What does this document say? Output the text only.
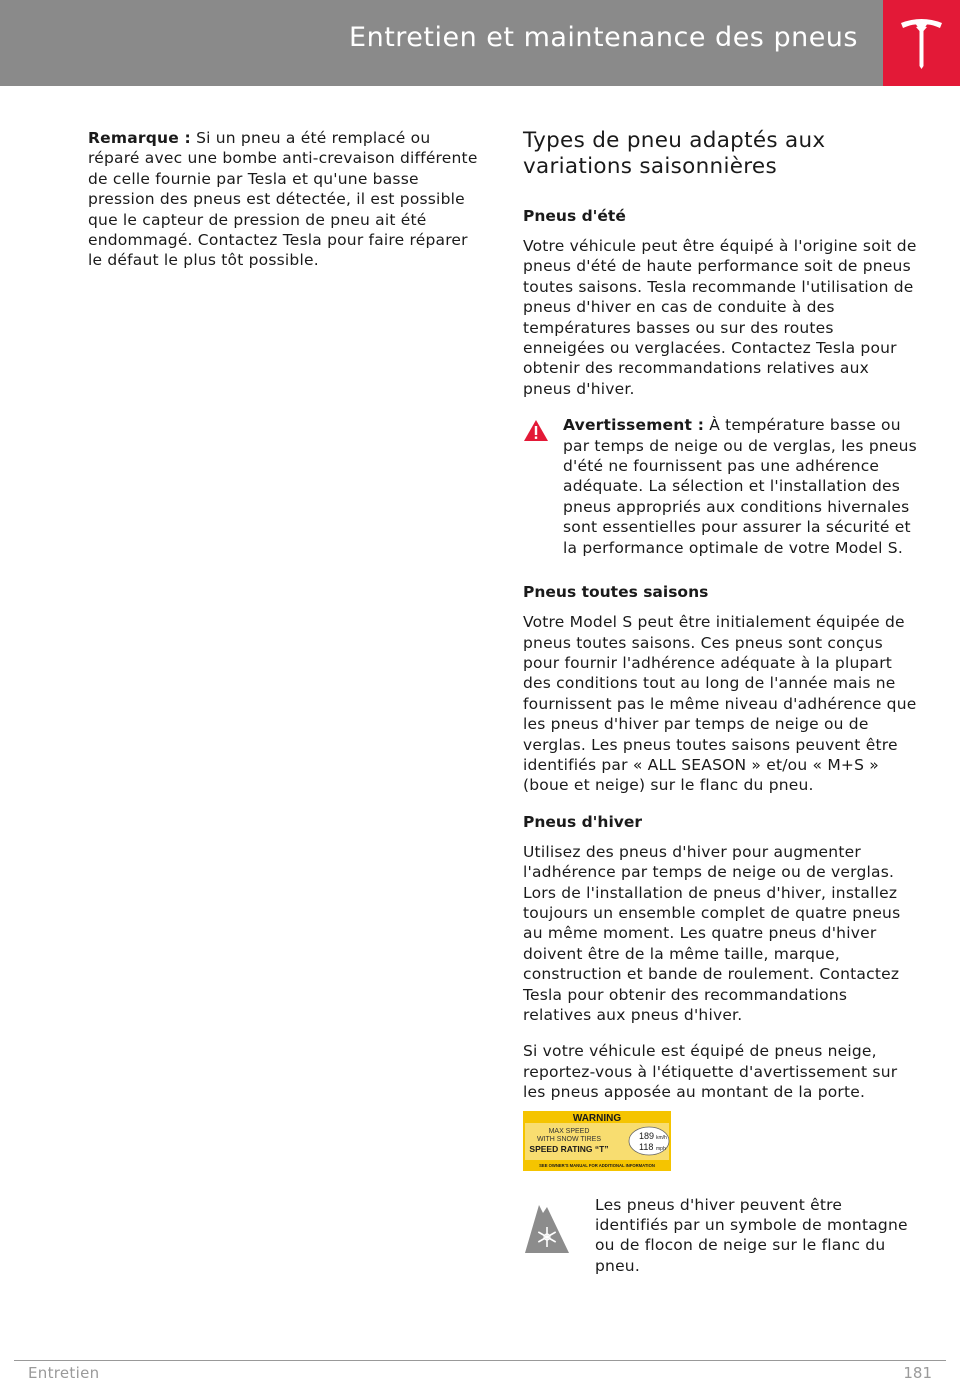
Entretien et maintenance des pneus

Remarque : Si un pneu a été remplacé ou réparé avec une bombe anti-crevaison différente de celle fournie par Tesla et qu'une basse pression des pneus est détectée, il est possible que le capteur de pression de pneu ait été endommagé. Contactez Tesla pour faire réparer le défaut le plus tôt possible.

Types de pneu adaptés aux variations saisonnières
Pneus d'été

Votre véhicule peut être équipé à l'origine soit de pneus d'été de haute performance soit de pneus toutes saisons. Tesla recommande l'utilisation de pneus d'hiver en cas de conduite à des températures basses ou sur des routes enneigées ou verglacées. Contactez Tesla pour obtenir des recommandations relatives aux pneus d'hiver.

Avertissement : À température basse ou par temps de neige ou de verglas, les pneus d'été ne fournissent pas une adhérence adéquate. La sélection et l'installation des pneus appropriés aux conditions hivernales sont essentielles pour assurer la sécurité et la performance optimale de votre Model S.

Pneus toutes saisons

Votre Model S peut être initialement équipée de pneus toutes saisons. Ces pneus sont conçus pour fournir l'adhérence adéquate à la plupart des conditions tout au long de l'année mais ne fournissent pas le même niveau d'adhérence que les pneus d'hiver par temps de neige ou de verglas. Les pneus toutes saisons peuvent être identifiés par « ALL SEASON » et/ou « M+S » (boue et neige) sur le flanc du pneu.

Pneus d'hiver

Utilisez des pneus d'hiver pour augmenter l'adhérence par temps de neige ou de verglas. Lors de l'installation de pneus d'hiver, installez toujours un ensemble complet de quatre pneus au même moment. Les quatre pneus d'hiver doivent être de la même taille, marque, construction et bande de roulement. Contactez Tesla pour obtenir des recommandations relatives aux pneus d'hiver.

Si votre véhicule est équipé de pneus neige, reportez-vous à l'étiquette d'avertissement sur les pneus apposée au montant de la porte.

WARNING
MAX SPEED
WITH SNOW TIRES
SPEED RATING “T”
189 km/h
118 mph
SEE OWNER'S MANUAL FOR ADDITIONAL INFORMATION

Les pneus d'hiver peuvent être identifiés par un symbole de montagne ou de flocon de neige sur le flanc du pneu.

Entretien	181
